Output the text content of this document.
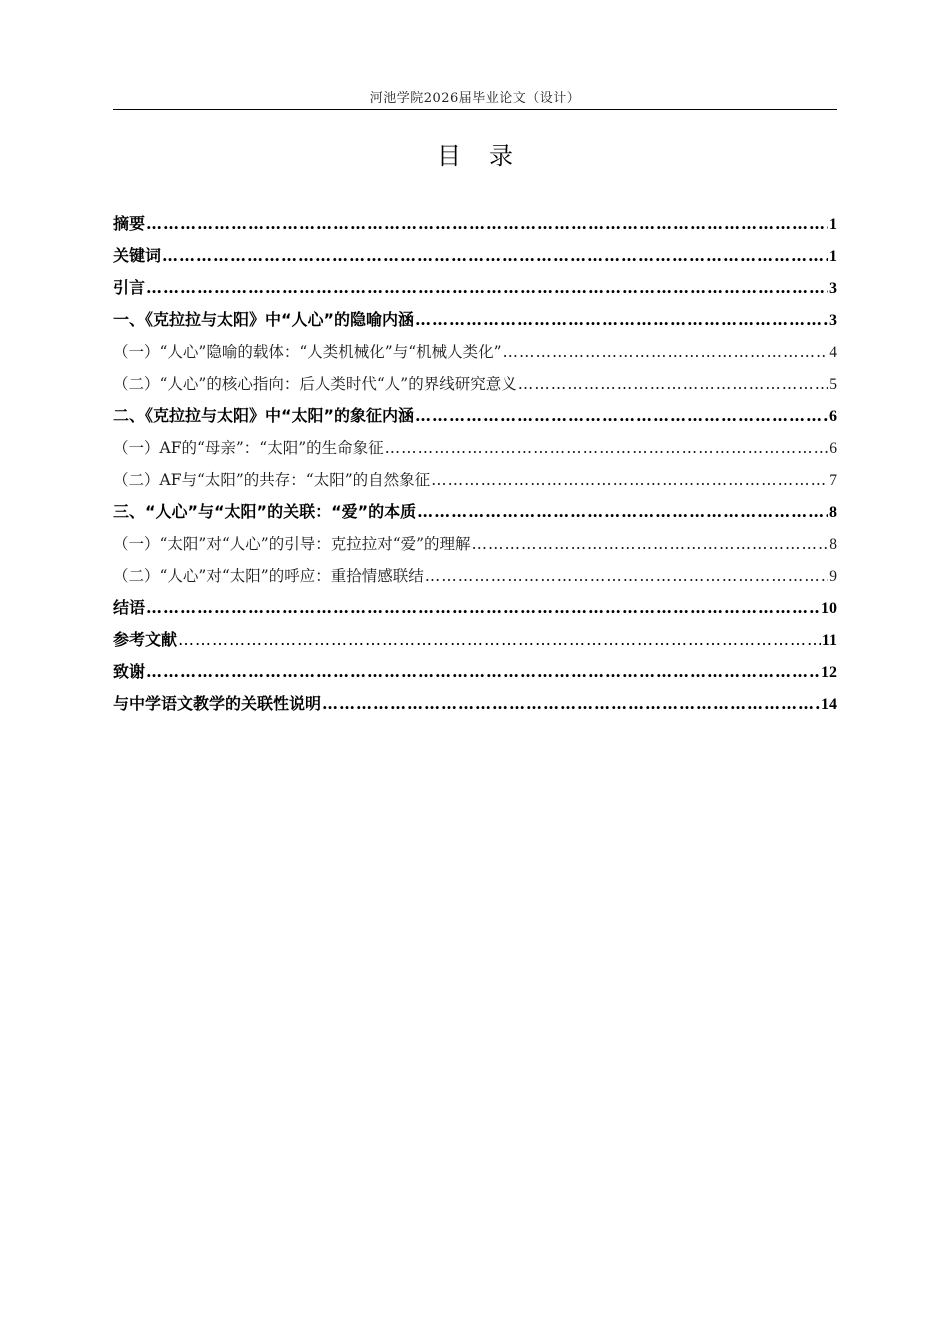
河池学院2026届毕业论文（设计）
目录
摘要 ……………………………………………………………………………………………………………………………………………………………………………………………………………………	1
关键词 ……………………………………………………………………………………………………………………………………………………………………………………………………………………	1
引言 ……………………………………………………………………………………………………………………………………………………………………………………………………………………	3
一、《克拉拉与太阳》中“人心”的隐喻内涵 ……………………………………………………………………………………………………………………………………………………………………………………………………………………	3
（一）“人心”隐喻的载体：“人类机械化”与“机械人类化” ……………………………………………………………………………………………………………………………………………………………………………………………………………………	4
（二）“人心”的核心指向：后人类时代“人”的界线研究意义 ……………………………………………………………………………………………………………………………………………………………………………………………………………………	5
二、《克拉拉与太阳》中“太阳”的象征内涵 ……………………………………………………………………………………………………………………………………………………………………………………………………………………	6
（一）AF的“母亲”：“太阳”的生命象征 ……………………………………………………………………………………………………………………………………………………………………………………………………………………	6
（二）AF与“太阳”的共存：“太阳”的自然象征 ……………………………………………………………………………………………………………………………………………………………………………………………………………………	7
三、“人心”与“太阳”的关联：“爱”的本质 ……………………………………………………………………………………………………………………………………………………………………………………………………………………	8
（一）“太阳”对“人心”的引导：克拉拉对“爱”的理解 ……………………………………………………………………………………………………………………………………………………………………………………………………………………	8
（二）“人心”对“太阳”的呼应：重拾情感联结 ……………………………………………………………………………………………………………………………………………………………………………………………………………………	9
结语 ……………………………………………………………………………………………………………………………………………………………………………………………………………………	10
参考文献 ……………………………………………………………………………………………………………………………………………………………………………………………………………………	11
致谢 ……………………………………………………………………………………………………………………………………………………………………………………………………………………	12
与中学语文教学的关联性说明 ……………………………………………………………………………………………………………………………………………………………………………………………………………………	14
